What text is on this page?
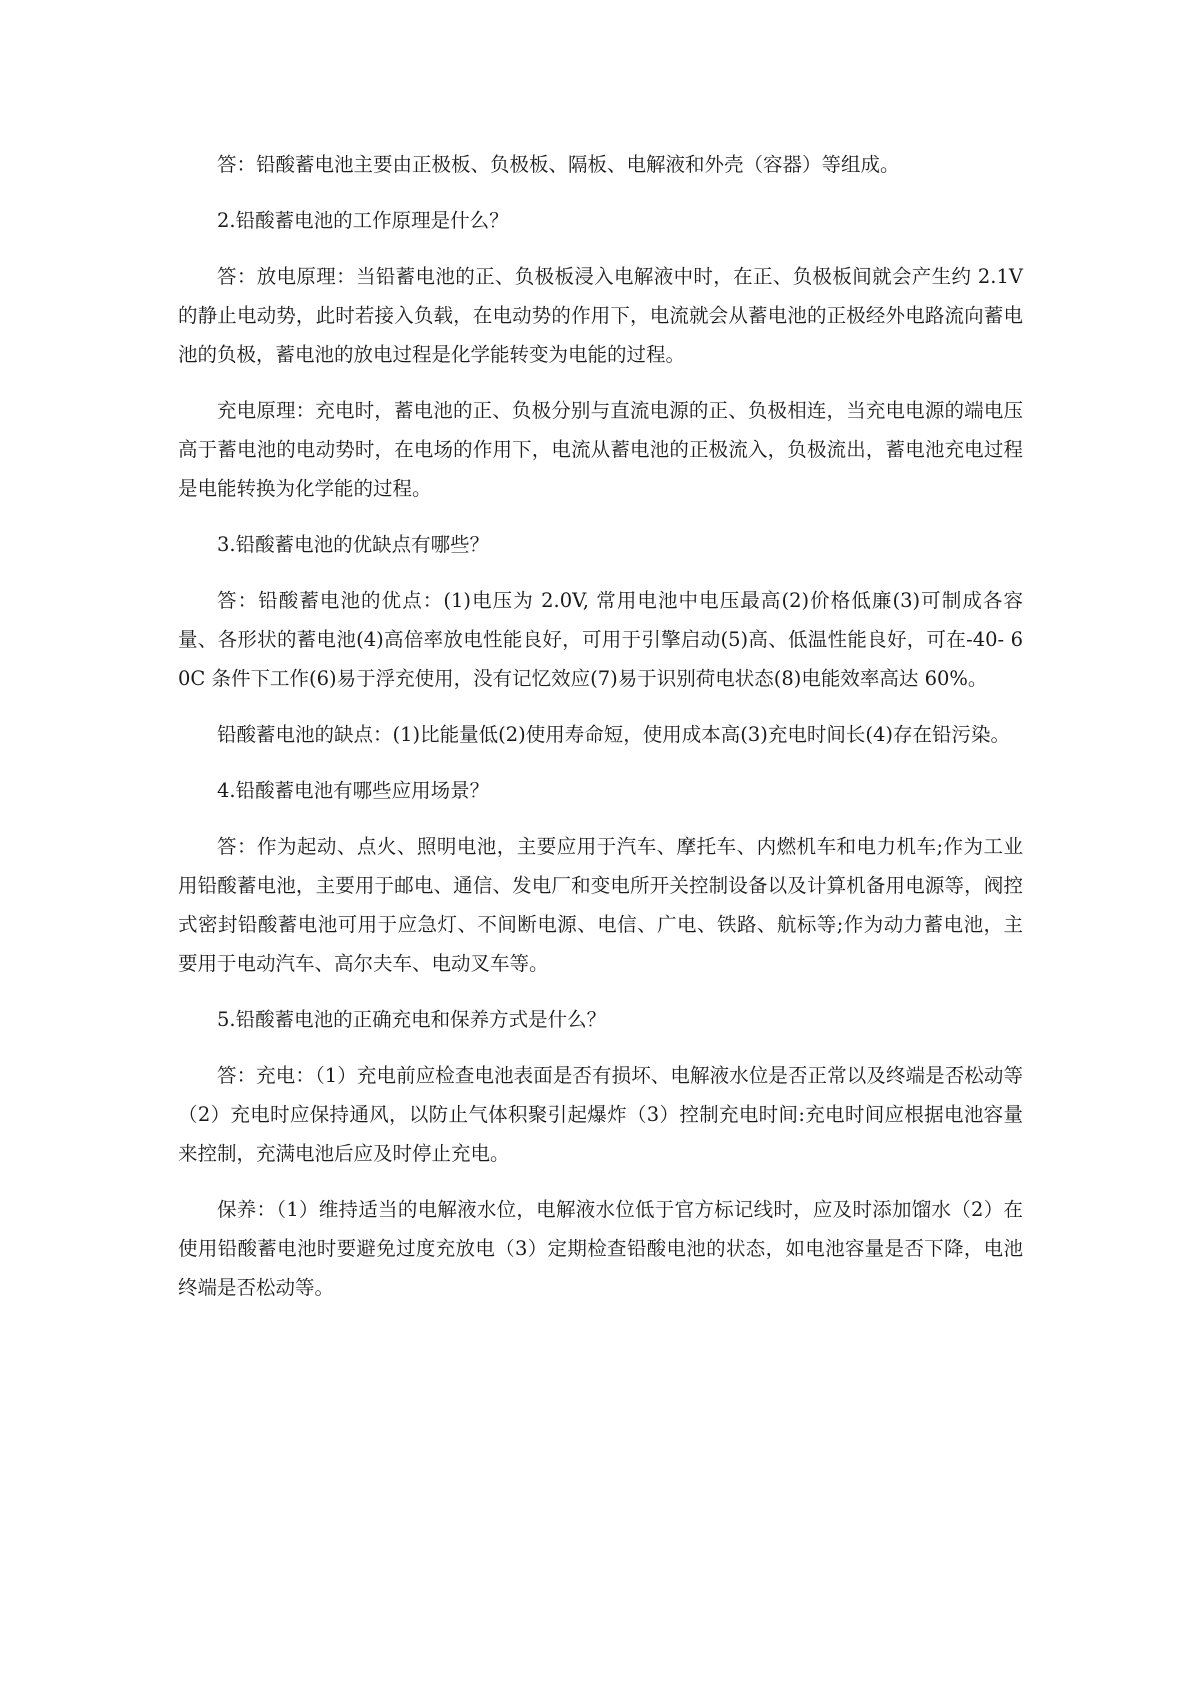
答：铅酸蓄电池主要由正极板、负极板、隔板、电解液和外壳（容器）等组成。

2.铅酸蓄电池的工作原理是什么？

答：放电原理：当铅蓄电池的正、负极板浸入电解液中时，在正、负极板间就会产生约 2.1V 的静止电动势，此时若接入负载，在电动势的作用下，电流就会从蓄电池的正极经外电路流向蓄电池的负极，蓄电池的放电过程是化学能转变为电能的过程。

充电原理：充电时，蓄电池的正、负极分别与直流电源的正、负极相连，当充电电源的端电压高于蓄电池的电动势时，在电场的作用下，电流从蓄电池的正极流入，负极流出，蓄电池充电过程是电能转换为化学能的过程。

3.铅酸蓄电池的优缺点有哪些？

答：铅酸蓄电池的优点：(1)电压为 2.0V, 常用电池中电压最高(2)价格低廉(3)可制成各容量、各形状的蓄电池(4)高倍率放电性能良好，可用于引擎启动(5)高、低温性能良好，可在-40- 60C 条件下工作(6)易于浮充使用，没有记忆效应(7)易于识别荷电状态(8)电能效率高达 60%。

铅酸蓄电池的缺点：(1)比能量低(2)使用寿命短，使用成本高(3)充电时间长(4)存在铅污染。

4.铅酸蓄电池有哪些应用场景？

答：作为起动、点火、照明电池，主要应用于汽车、摩托车、内燃机车和电力机车;作为工业用铅酸蓄电池，主要用于邮电、通信、发电厂和变电所开关控制设备以及计算机备用电源等，阀控式密封铅酸蓄电池可用于应急灯、不间断电源、电信、广电、铁路、航标等;作为动力蓄电池，主要用于电动汽车、高尔夫车、电动叉车等。

5.铅酸蓄电池的正确充电和保养方式是什么？

答：充电：（1）充电前应检查电池表面是否有损坏、电解液水位是否正常以及终端是否松动等（2）充电时应保持通风，以防止气体积聚引起爆炸（3）控制充电时间:充电时间应根据电池容量来控制，充满电池后应及时停止充电。

保养：（1）维持适当的电解液水位，电解液水位低于官方标记线时，应及时添加馏水（2）在使用铅酸蓄电池时要避免过度充放电（3）定期检查铅酸电池的状态，如电池容量是否下降，电池终端是否松动等。
